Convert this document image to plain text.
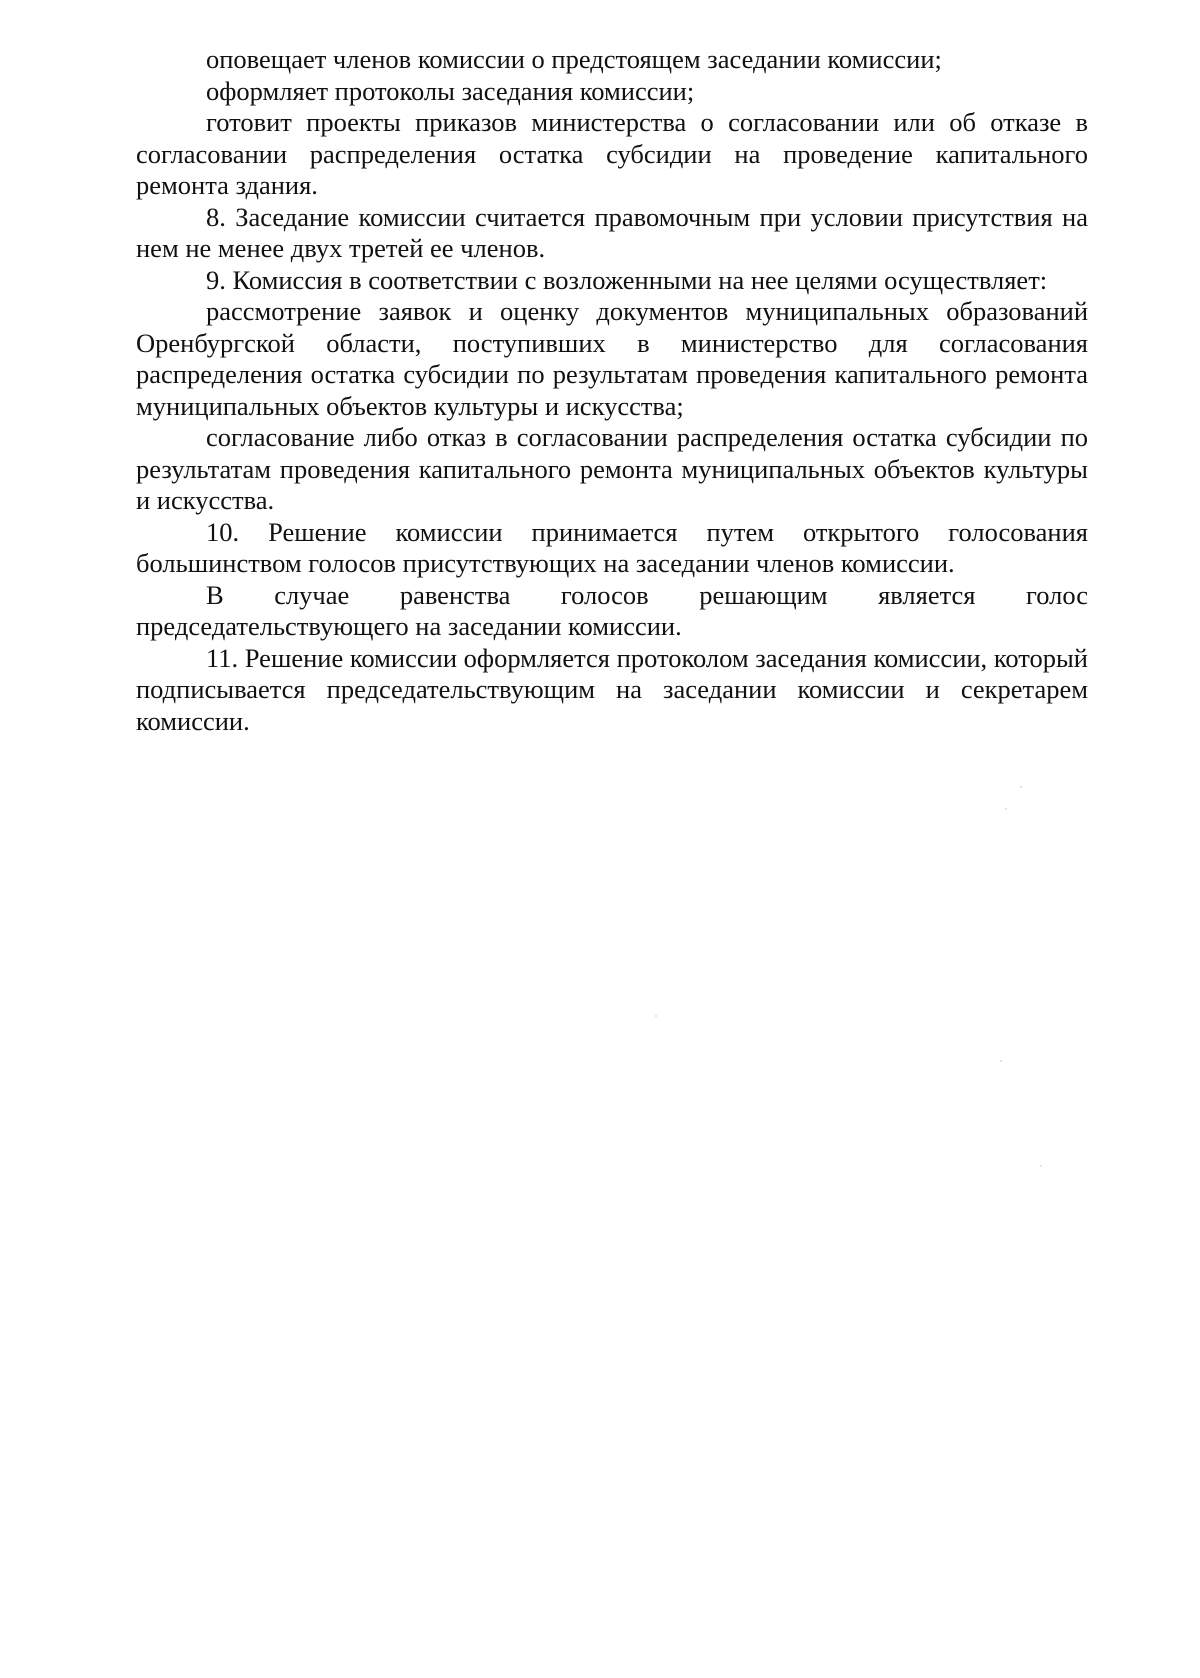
оповещает членов комиссии о предстоящем заседании комиссии;

оформляет протоколы заседания комиссии;

готовит проекты приказов министерства о согласовании или об отказе в согласовании распределения остатка субсидии на проведение капитального ремонта здания.

8. Заседание комиссии считается правомочным при условии присутствия на нем не менее двух третей ее членов.

9. Комиссия в соответствии с возложенными на нее целями осуществляет:

рассмотрение заявок и оценку документов муниципальных образований Оренбургской области, поступивших в министерство для согласования распределения остатка субсидии по результатам проведения капитального ремонта муниципальных объектов культуры и искусства;

согласование либо отказ в согласовании распределения остатка субсидии по результатам проведения капитального ремонта муниципальных объектов культуры и искусства.

10. Решение комиссии принимается путем открытого голосования большинством голосов присутствующих на заседании членов комиссии.

В случае равенства голосов решающим является голос председательствующего на заседании комиссии.

11. Решение комиссии оформляется протоколом заседания комиссии, который подписывается председательствующим на заседании комиссии и секретарем комиссии.
